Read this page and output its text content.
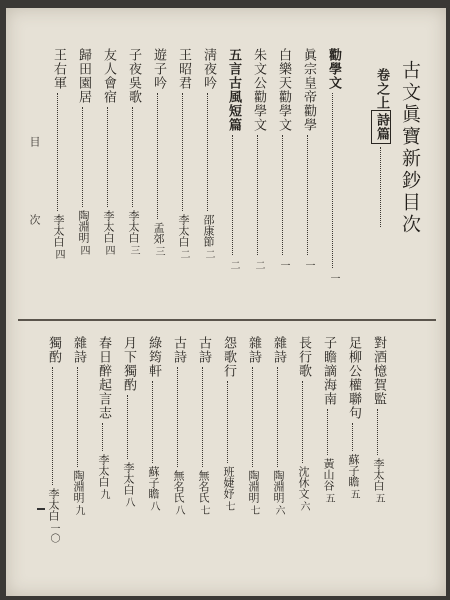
古文眞寶新鈔目次
卷之上
詩篇
勸學文
一
眞宗皇帝勸學
一
白樂天勸學文
一
朱文公勸學文
二
五言古風短篇
二
淸夜吟
邵康節
二
王昭君
李太白
二
遊子吟
孟郊
三
子夜吳歌
李太白
三
友人會宿
李太白
四
歸田園居
陶淵明
四
王右軍
李太白
四
目
次
對酒憶賀監
李太白
五
足柳公權聯句
蘇子瞻
五
子瞻謫海南
黃山谷
五
長行歌
沈休文
六
雜詩
陶淵明
六
雜詩
陶淵明
七
怨歌行
班婕妤
七
古詩
無名氏
七
古詩
無名氏
八
綠筠軒
蘇子瞻
八
月下獨酌
李太白
八
春日醉起言志
李太白
九
雜詩
陶淵明
九
獨酌
李太白
一〇
